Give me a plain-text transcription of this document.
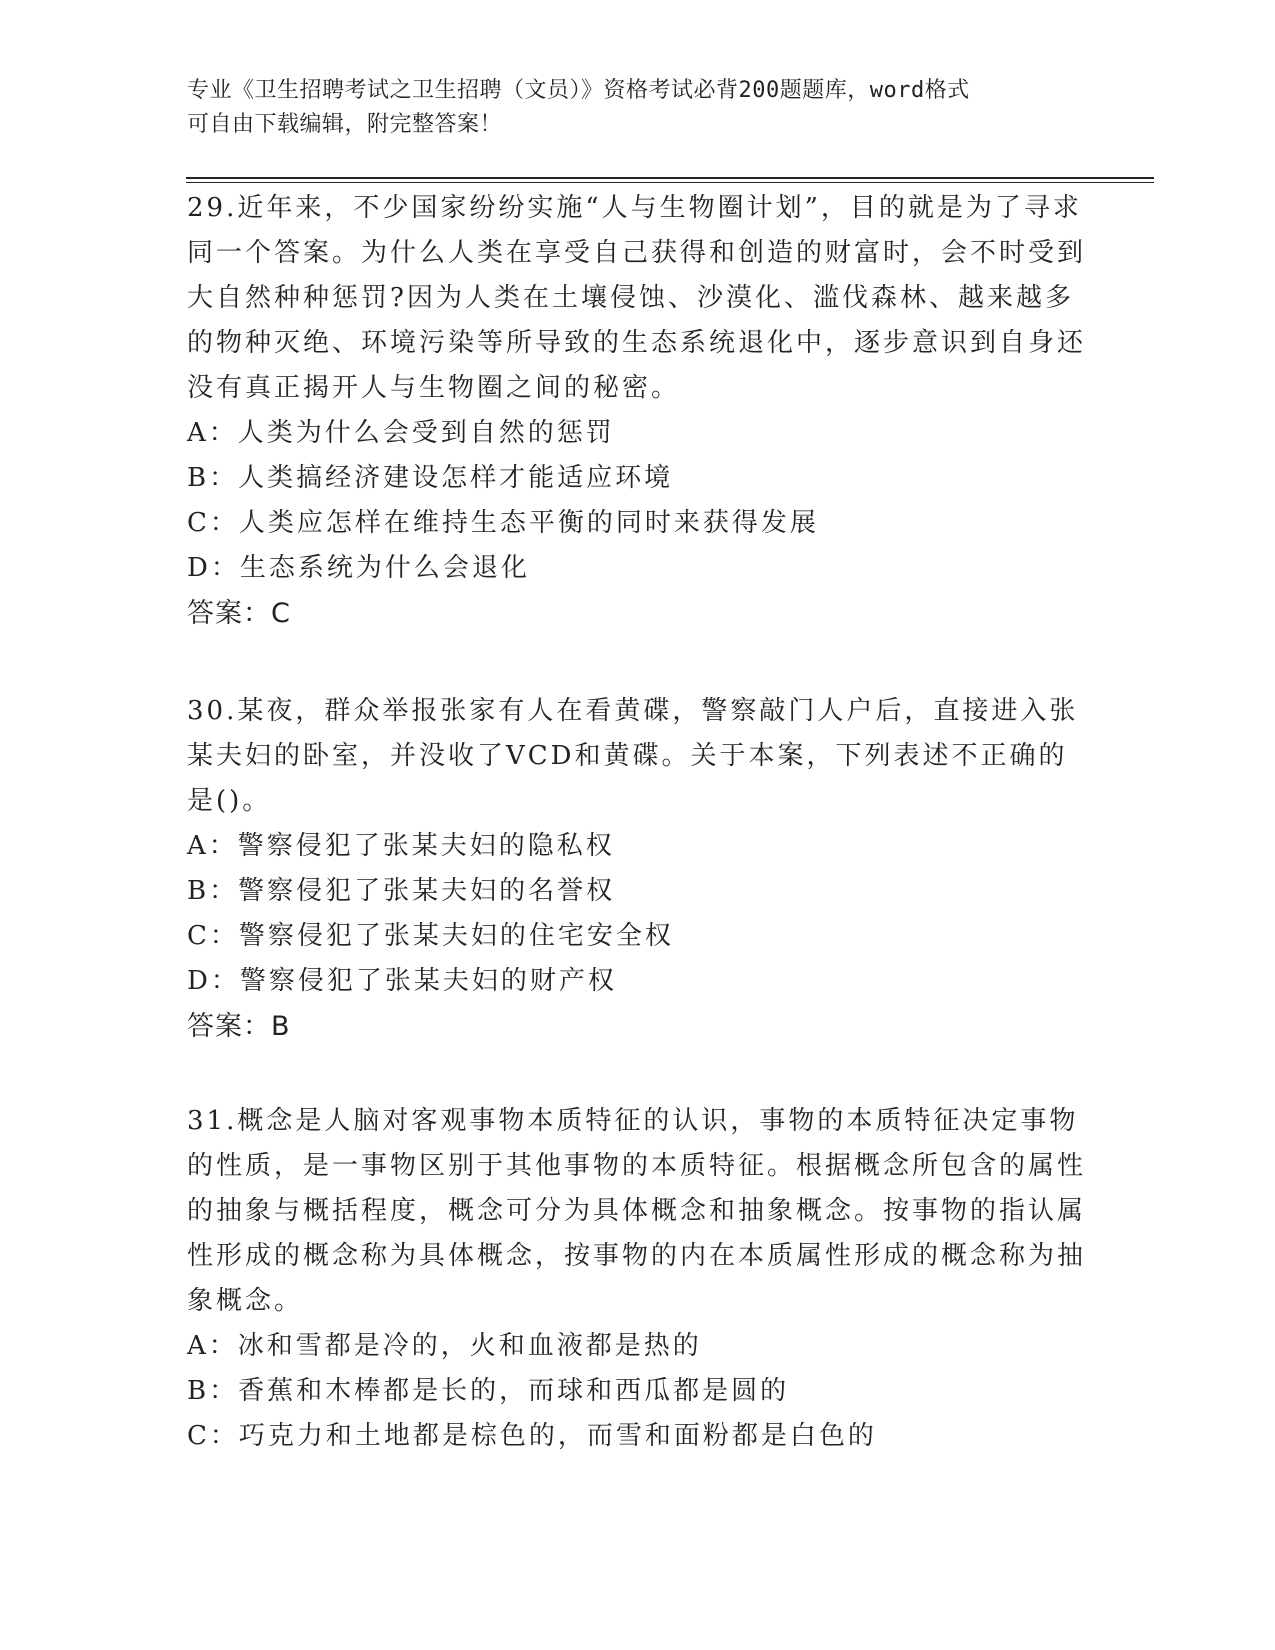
专业《卫生招聘考试之卫生招聘（文员）》资格考试必背200题题库，word格式
可自由下载编辑，附完整答案！

29.近年来，不少国家纷纷实施“人与生物圈计划”，目的就是为了寻求同一个答案。为什么人类在享受自己获得和创造的财富时，会不时受到大自然种种惩罚?因为人类在土壤侵蚀、沙漠化、滥伐森林、越来越多的物种灭绝、环境污染等所导致的生态系统退化中，逐步意识到自身还没有真正揭开人与生物圈之间的秘密。

A：人类为什么会受到自然的惩罚

B：人类搞经济建设怎样才能适应环境

C：人类应怎样在维持生态平衡的同时来获得发展

D：生态系统为什么会退化

答案：C

30.某夜，群众举报张家有人在看黄碟，警察敲门人户后，直接进入张某夫妇的卧室，并没收了VCD和黄碟。关于本案，下列表述不正确的是()。

A：警察侵犯了张某夫妇的隐私权

B：警察侵犯了张某夫妇的名誉权

C：警察侵犯了张某夫妇的住宅安全权

D：警察侵犯了张某夫妇的财产权

答案：B

31.概念是人脑对客观事物本质特征的认识，事物的本质特征决定事物的性质，是一事物区别于其他事物的本质特征。根据概念所包含的属性的抽象与概括程度，概念可分为具体概念和抽象概念。按事物的指认属性形成的概念称为具体概念，按事物的内在本质属性形成的概念称为抽象概念。

A：冰和雪都是冷的，火和血液都是热的

B：香蕉和木棒都是长的，而球和西瓜都是圆的

C：巧克力和土地都是棕色的，而雪和面粉都是白色的
